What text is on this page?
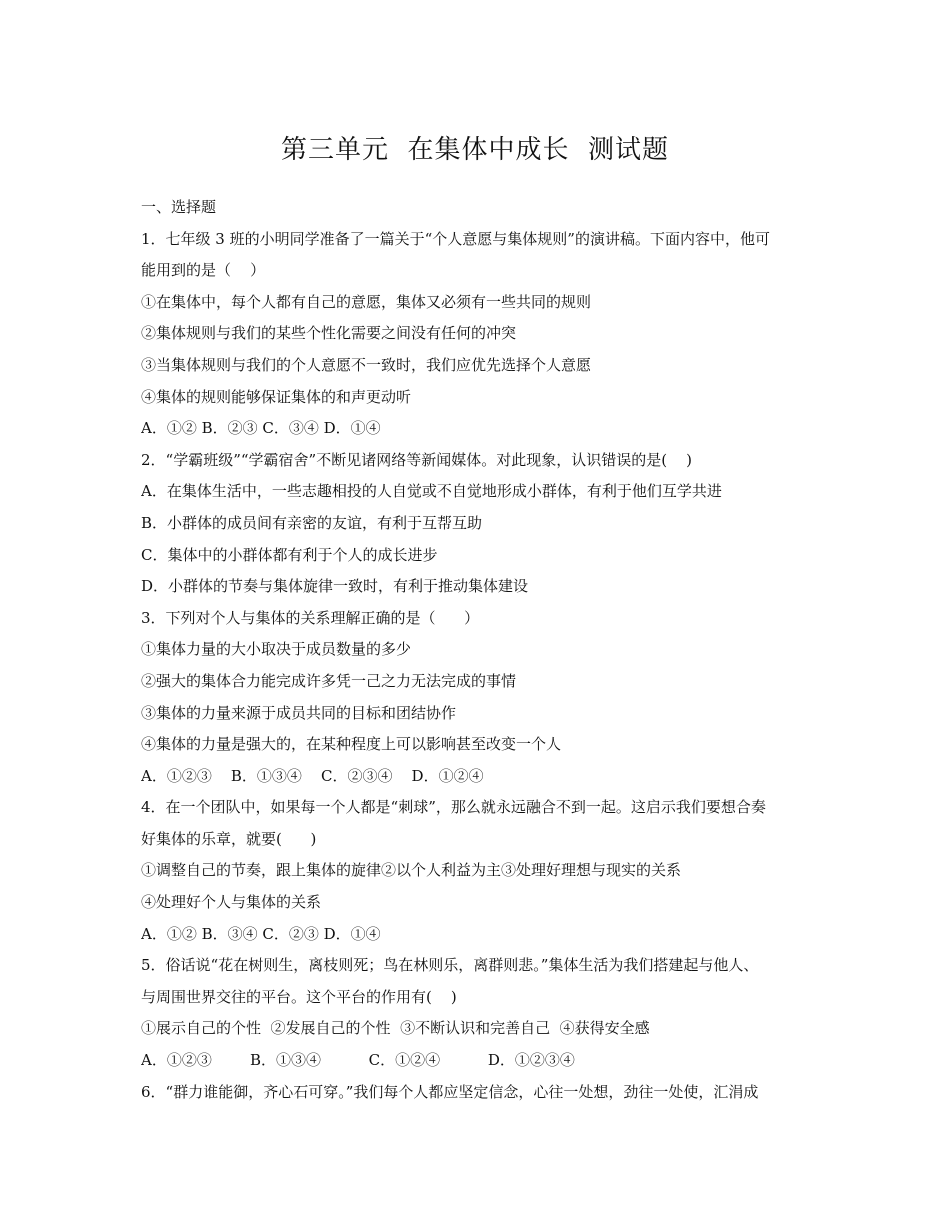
第三单元  在集体中成长  测试题
一、选择题
1．七年级 3 班的小明同学准备了一篇关于“个人意愿与集体规则”的演讲稿。下面内容中，他可
能用到的是（    ）
①在集体中，每个人都有自己的意愿，集体又必须有一些共同的规则
②集体规则与我们的某些个性化需要之间没有任何的冲突
③当集体规则与我们的个人意愿不一致时，我们应优先选择个人意愿
④集体的规则能够保证集体的和声更动听
A．①② B．②③ C．③④ D．①④
2．“学霸班级”“学霸宿舍”不断见诸网络等新闻媒体。对此现象，认识错误的是(    )
A．在集体生活中，一些志趣相投的人自觉或不自觉地形成小群体，有利于他们互学共进
B．小群体的成员间有亲密的友谊，有利于互帮互助
C．集体中的小群体都有利于个人的成长进步
D．小群体的节奏与集体旋律一致时，有利于推动集体建设
3．下列对个人与集体的关系理解正确的是（      ）
①集体力量的大小取决于成员数量的多少
②强大的集体合力能完成许多凭一己之力无法完成的事情
③集体的力量来源于成员共同的目标和团结协作
④集体的力量是强大的，在某种程度上可以影响甚至改变一个人
A．①②③    B．①③④    C．②③④    D．①②④
4．在一个团队中，如果每一个人都是“刺球”，那么就永远融合不到一起。这启示我们要想合奏
好集体的乐章，就要(      )
①调整自己的节奏，跟上集体的旋律②以个人利益为主③处理好理想与现实的关系
④处理好个人与集体的关系
A．①② B．③④ C．②③ D．①④
5．俗话说“花在树则生，离枝则死；鸟在林则乐，离群则悲。”集体生活为我们搭建起与他人、
与周围世界交往的平台。这个平台的作用有(    )
①展示自己的个性  ②发展自己的个性  ③不断认识和完善自己  ④获得安全感
A．①②③        B．①③④          C．①②④          D．①②③④
6．“群力谁能御，齐心石可穿。”我们每个人都应坚定信念，心往一处想，劲往一处使，汇涓成
